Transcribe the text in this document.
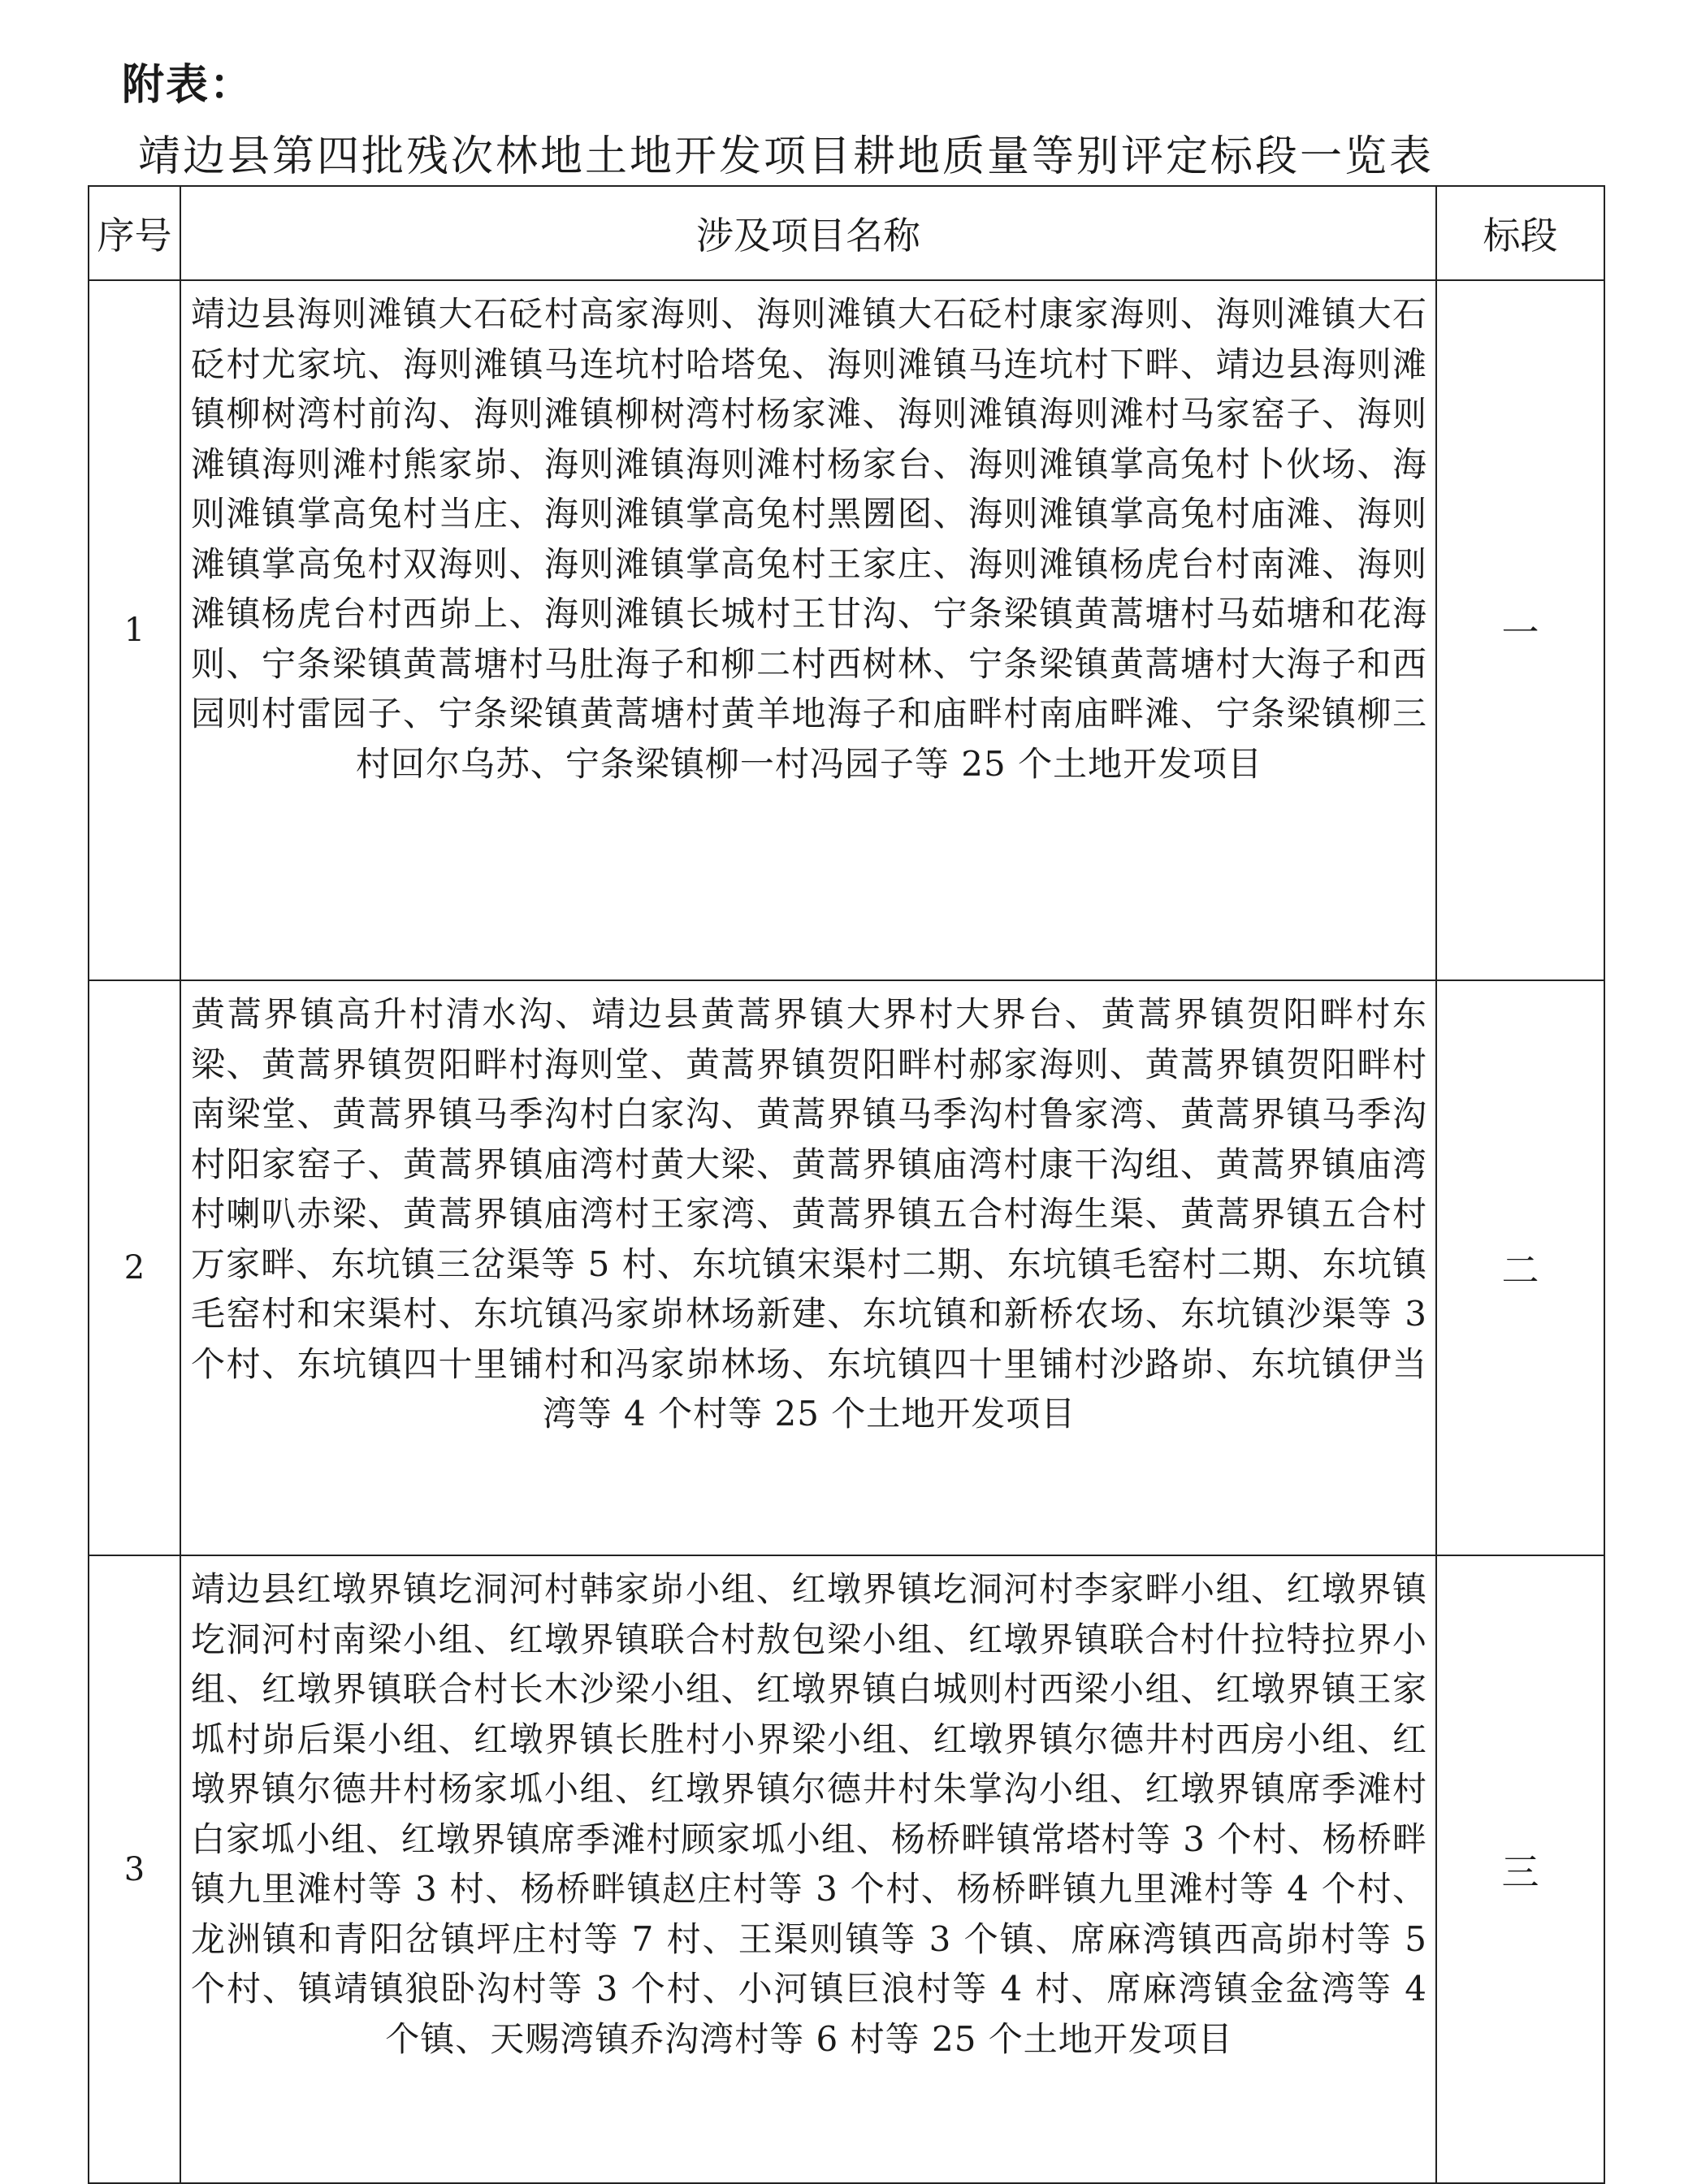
附表：
靖边县第四批残次林地土地开发项目耕地质量等别评定标段一览表
序号	涉及项目名称	标段
1	靖边县海则滩镇大石砭村高家海则、海则滩镇大石砭村康家海则、海则滩镇大石砭村尤家坑、海则滩镇马连坑村哈塔兔、海则滩镇马连坑村下畔、靖边县海则滩镇柳树湾村前沟、海则滩镇柳树湾村杨家滩、海则滩镇海则滩村马家窑子、海则滩镇海则滩村熊家峁、海则滩镇海则滩村杨家台、海则滩镇掌高兔村卜伙场、海则滩镇掌高兔村当庄、海则滩镇掌高兔村黑圐囵、海则滩镇掌高兔村庙滩、海则滩镇掌高兔村双海则、海则滩镇掌高兔村王家庄、海则滩镇杨虎台村南滩、海则滩镇杨虎台村西峁上、海则滩镇长城村王甘沟、宁条梁镇黄蒿塘村马茹塘和花海则、宁条梁镇黄蒿塘村马肚海子和柳二村西树林、宁条梁镇黄蒿塘村大海子和西园则村雷园子、宁条梁镇黄蒿塘村黄羊地海子和庙畔村南庙畔滩、宁条梁镇柳三村回尔乌苏、宁条梁镇柳一村冯园子等 25 个土地开发项目	一
2	黄蒿界镇高升村清水沟、靖边县黄蒿界镇大界村大界台、黄蒿界镇贺阳畔村东梁、黄蒿界镇贺阳畔村海则堂、黄蒿界镇贺阳畔村郝家海则、黄蒿界镇贺阳畔村南梁堂、黄蒿界镇马季沟村白家沟、黄蒿界镇马季沟村鲁家湾、黄蒿界镇马季沟村阳家窑子、黄蒿界镇庙湾村黄大梁、黄蒿界镇庙湾村康干沟组、黄蒿界镇庙湾村喇叭赤梁、黄蒿界镇庙湾村王家湾、黄蒿界镇五合村海生渠、黄蒿界镇五合村万家畔、东坑镇三岔渠等 5 村、东坑镇宋渠村二期、东坑镇毛窑村二期、东坑镇毛窑村和宋渠村、东坑镇冯家峁林场新建、东坑镇和新桥农场、东坑镇沙渠等 3 个村、东坑镇四十里铺村和冯家峁林场、东坑镇四十里铺村沙路峁、东坑镇伊当湾等 4 个村等 25 个土地开发项目	二
3	靖边县红墩界镇圪洞河村韩家峁小组、红墩界镇圪洞河村李家畔小组、红墩界镇圪洞河村南梁小组、红墩界镇联合村敖包梁小组、红墩界镇联合村什拉特拉界小组、红墩界镇联合村长木沙梁小组、红墩界镇白城则村西梁小组、红墩界镇王家坬村峁后渠小组、红墩界镇长胜村小界梁小组、红墩界镇尔德井村西房小组、红墩界镇尔德井村杨家坬小组、红墩界镇尔德井村朱掌沟小组、红墩界镇席季滩村白家坬小组、红墩界镇席季滩村顾家坬小组、杨桥畔镇常塔村等 3 个村、杨桥畔镇九里滩村等 3 村、杨桥畔镇赵庄村等 3 个村、杨桥畔镇九里滩村等 4 个村、龙洲镇和青阳岔镇坪庄村等 7 村、王渠则镇等 3 个镇、席麻湾镇西高峁村等 5 个村、镇靖镇狼卧沟村等 3 个村、小河镇巨浪村等 4 村、席麻湾镇金盆湾等 4 个镇、天赐湾镇乔沟湾村等 6 村等 25 个土地开发项目	三
